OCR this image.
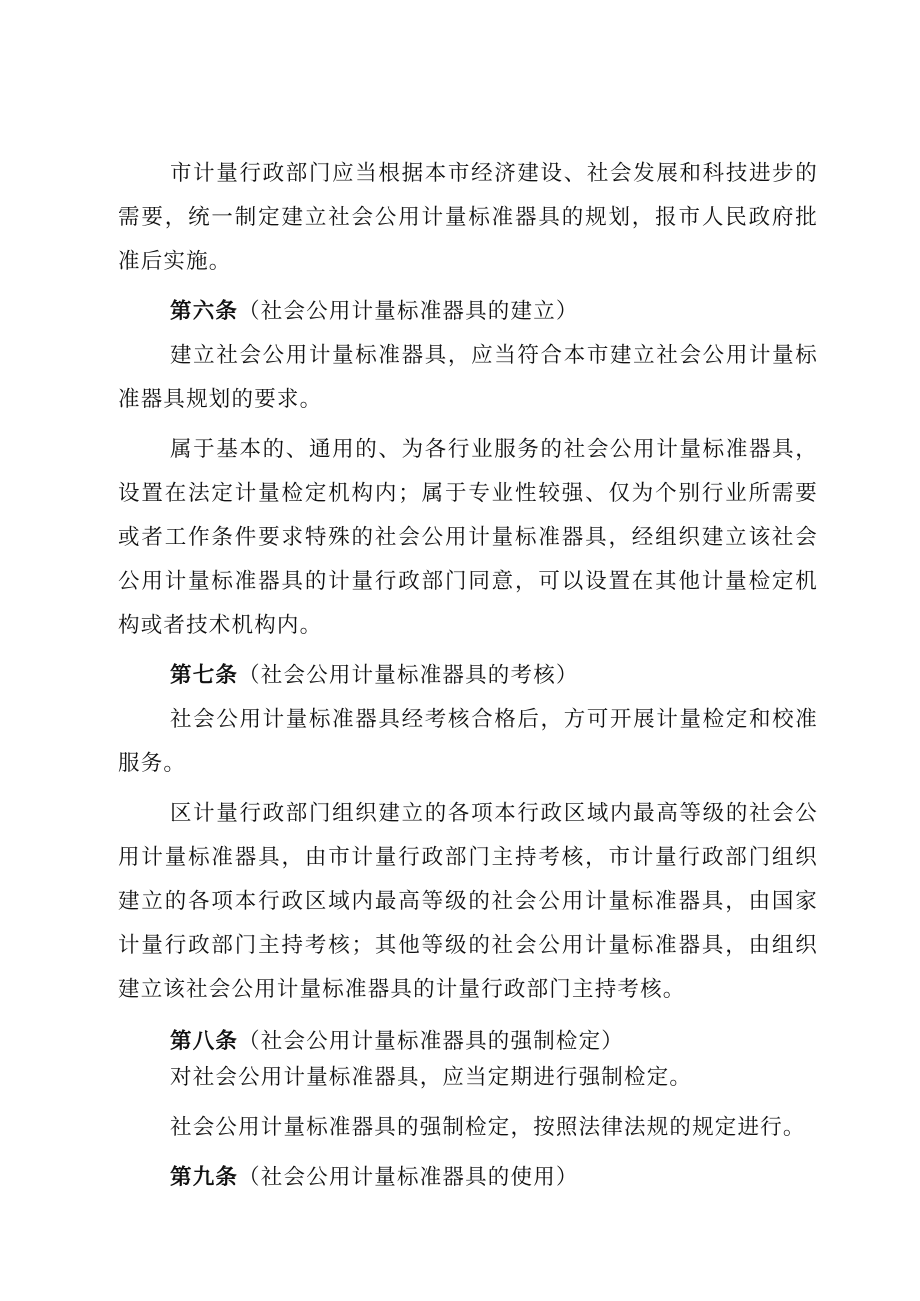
市计量行政部门应当根据本市经济建设、社会发展和科技进步的需要，统一制定建立社会公用计量标准器具的规划，报市人民政府批准后实施。

第六条（社会公用计量标准器具的建立）

建立社会公用计量标准器具，应当符合本市建立社会公用计量标准器具规划的要求。

属于基本的、通用的、为各行业服务的社会公用计量标准器具，设置在法定计量检定机构内；属于专业性较强、仅为个别行业所需要或者工作条件要求特殊的社会公用计量标准器具，经组织建立该社会公用计量标准器具的计量行政部门同意，可以设置在其他计量检定机构或者技术机构内。

第七条（社会公用计量标准器具的考核）

社会公用计量标准器具经考核合格后，方可开展计量检定和校准服务。

区计量行政部门组织建立的各项本行政区域内最高等级的社会公用计量标准器具，由市计量行政部门主持考核，市计量行政部门组织建立的各项本行政区域内最高等级的社会公用计量标准器具，由国家计量行政部门主持考核；其他等级的社会公用计量标准器具，由组织建立该社会公用计量标准器具的计量行政部门主持考核。

第八条（社会公用计量标准器具的强制检定）

对社会公用计量标准器具，应当定期进行强制检定。

社会公用计量标准器具的强制检定，按照法律法规的规定进行。

第九条（社会公用计量标准器具的使用）
